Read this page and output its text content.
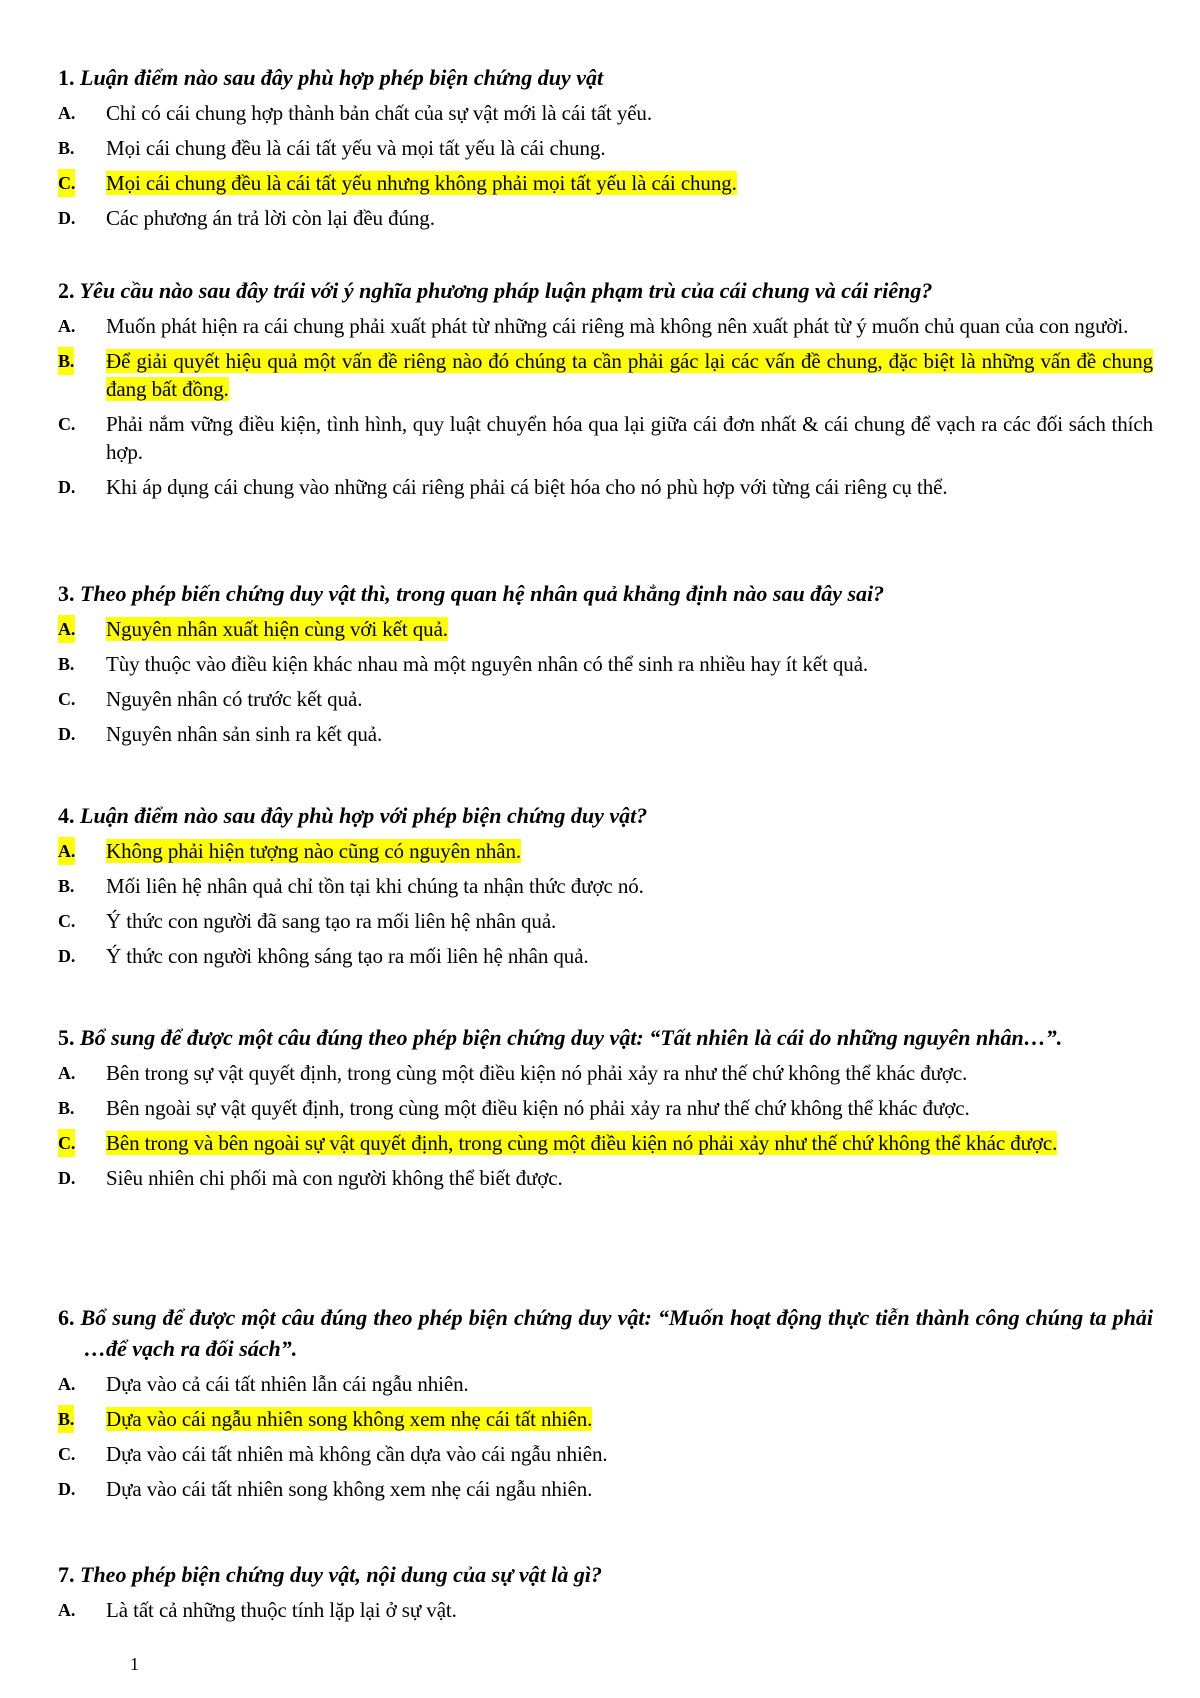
1. Luận điểm nào sau đây phù hợp phép biện chứng duy vật
A. Chỉ có cái chung hợp thành bản chất của sự vật mới là cái tất yếu.
B. Mọi cái chung đều là cái tất yếu và mọi tất yếu là cái chung.
C. Mọi cái chung đều là cái tất yếu nhưng không phải mọi tất yếu là cái chung.
D. Các phương án trả lời còn lại đều đúng.
2. Yêu cầu nào sau đây trái với ý nghĩa phương pháp luận phạm trù của cái chung và cái riêng?
A. Muốn phát hiện ra cái chung phải xuất phát từ những cái riêng mà không nên xuất phát từ ý muốn chủ quan của con người.
B. Để giải quyết hiệu quả một vấn đề riêng nào đó chúng ta cần phải gác lại các vấn đề chung, đặc biệt là những vấn đề chung đang bất đồng.
C. Phải nắm vững điều kiện, tình hình, quy luật chuyển hóa qua lại giữa cái đơn nhất & cái chung để vạch ra các đối sách thích hợp.
D. Khi áp dụng cái chung vào những cái riêng phải cá biệt hóa cho nó phù hợp với từng cái riêng cụ thể.
3. Theo phép biến chứng duy vật thì, trong quan hệ nhân quả khẳng định nào sau đây sai?
A. Nguyên nhân xuất hiện cùng với kết quả.
B. Tùy thuộc vào điều kiện khác nhau mà một nguyên nhân có thể sinh ra nhiều hay ít kết quả.
C. Nguyên nhân có trước kết quả.
D. Nguyên nhân sản sinh ra kết quả.
4. Luận điểm nào sau đây phù hợp với phép biện chứng duy vật?
A. Không phải hiện tượng nào cũng có nguyên nhân.
B. Mối liên hệ nhân quả chỉ tồn tại khi chúng ta nhận thức được nó.
C. Ý thức con người đã sang tạo ra mối liên hệ nhân quả.
D. Ý thức con người không sáng tạo ra mối liên hệ nhân quả.
5. Bổ sung để được một câu đúng theo phép biện chứng duy vật: “Tất nhiên là cái do những nguyên nhân…”.
A. Bên trong sự vật quyết định, trong cùng một điều kiện nó phải xảy ra như thế chứ không thể khác được.
B. Bên ngoài sự vật quyết định, trong cùng một điều kiện nó phải xảy ra như thế chứ không thể khác được.
C. Bên trong và bên ngoài sự vật quyết định, trong cùng một điều kiện nó phải xảy như thế chứ không thể khác được.
D. Siêu nhiên chi phối mà con người không thể biết được.
6. Bổ sung để được một câu đúng theo phép biện chứng duy vật: “Muốn hoạt động thực tiễn thành công chúng ta phải …để vạch ra đối sách”.
A. Dựa vào cả cái tất nhiên lẫn cái ngẫu nhiên.
B. Dựa vào cái ngẫu nhiên song không xem nhẹ cái tất nhiên.
C. Dựa vào cái tất nhiên mà không cần dựa vào cái ngẫu nhiên.
D. Dựa vào cái tất nhiên song không xem nhẹ cái ngẫu nhiên.
7. Theo phép biện chứng duy vật, nội dung của sự vật là gì?
A. Là tất cả những thuộc tính lặp lại ở sự vật.
1
